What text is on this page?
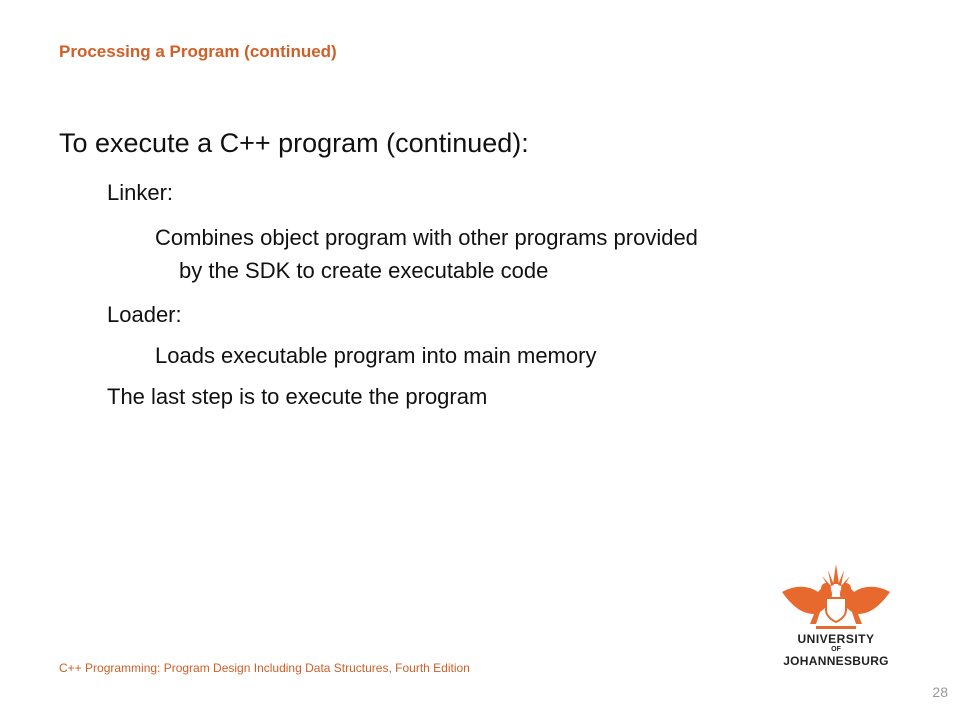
Processing a Program (continued)
To execute a C++ program (continued):
Linker:
Combines object program with other programs provided
by the SDK to create executable code
Loader:
Loads executable program into main memory
The last step is to execute the program
C++ Programming: Program Design Including Data Structures, Fourth Edition
28
UNIVERSITY
OF
JOHANNESBURG
